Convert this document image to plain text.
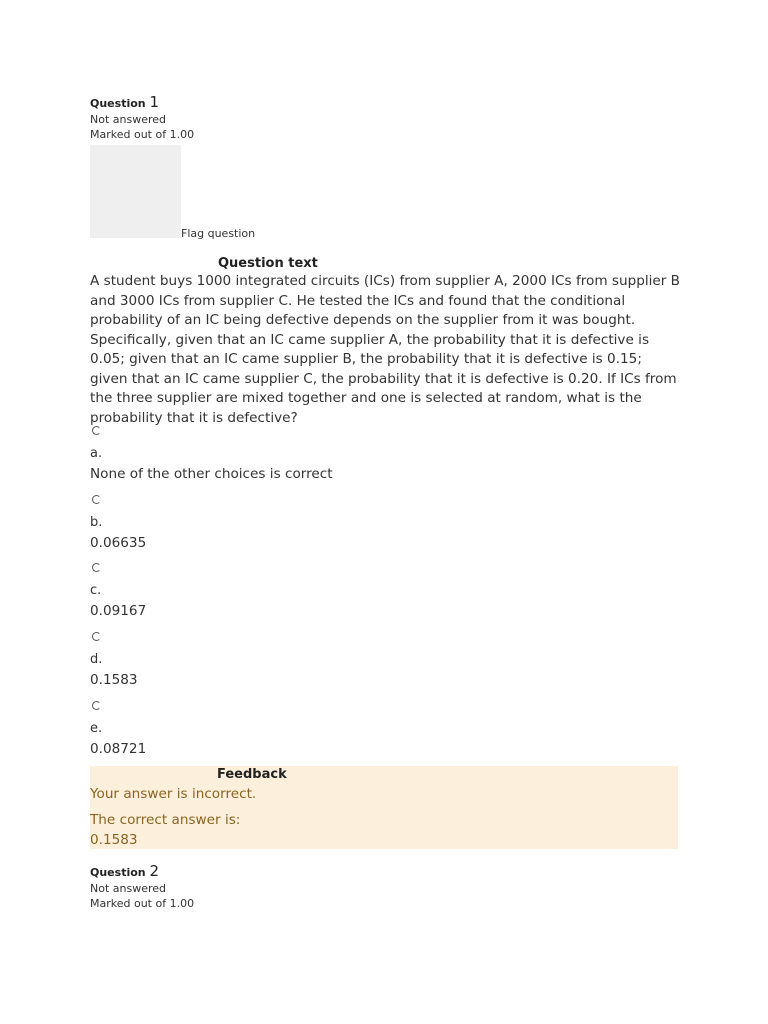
Question 1
Not answered
Marked out of 1.00
Flag question
Question text
A student buys 1000 integrated circuits (ICs) from supplier A, 2000 ICs from supplier B and 3000 ICs from supplier C. He tested the ICs and found that the conditional probability of an IC being defective depends on the supplier from it was bought. Specifically, given that an IC came supplier A, the probability that it is defective is 0.05; given that an IC came supplier B, the probability that it is defective is 0.15; given that an IC came supplier C, the probability that it is defective is 0.20. If ICs from the three supplier are mixed together and one is selected at random, what is the probability that it is defective?
a.
None of the other choices is correct
b.
0.06635
c.
0.09167
d.
0.1583
e.
0.08721
Feedback
Your answer is incorrect.
The correct answer is:
0.1583
Question 2
Not answered
Marked out of 1.00
